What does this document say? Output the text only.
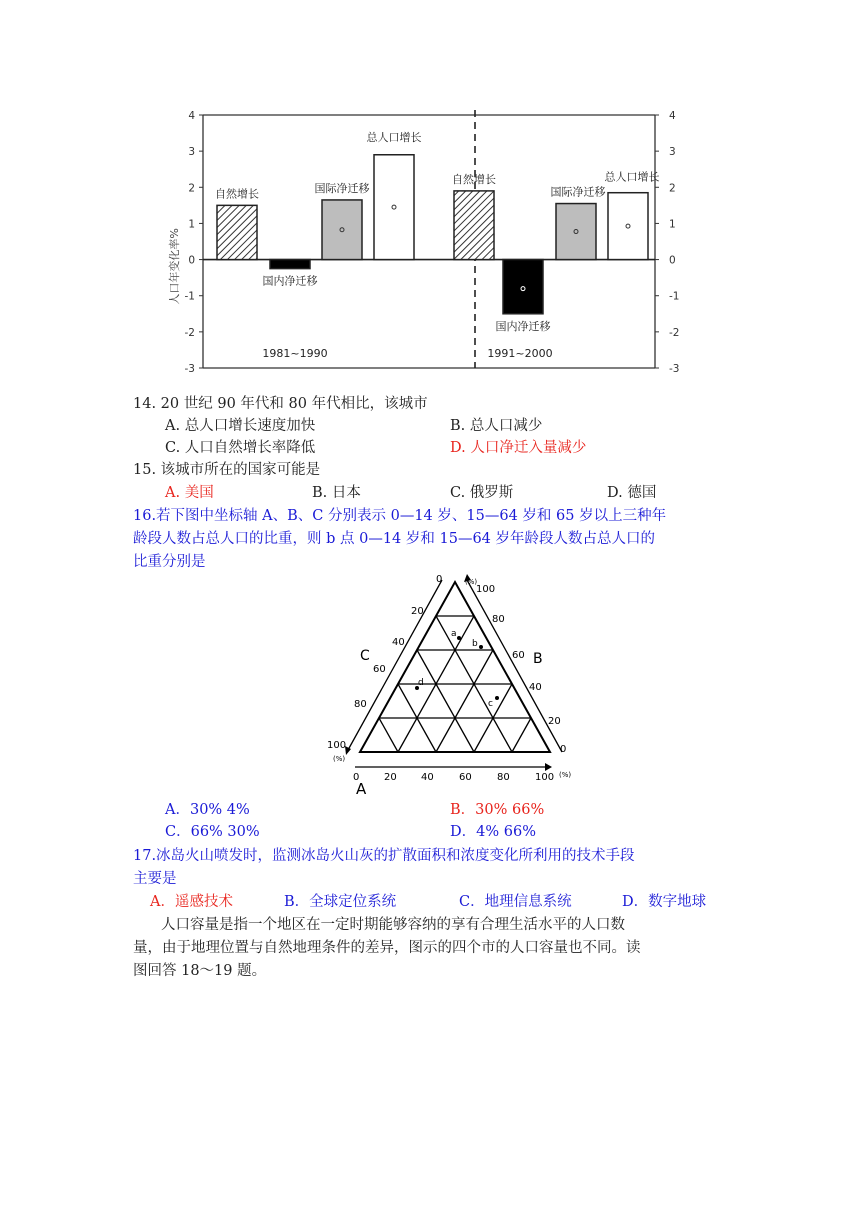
4	4
3	3
2	2
1	1
0	0
-1	-1
-2	-2
-3	-3
人口年变化率%
1981~1990
自然增长
国内净迁移
国际净迁移
总人口增长
1991~2000
自然增长
国内净迁移
国际净迁移
总人口增长
14. 20 世纪 90 年代和 80 年代相比，该城市
A. 总人口增长速度加快	B. 总人口减少
C. 人口自然增长率降低	D. 人口净迁入量减少
15. 该城市所在的国家可能是
A. 美国	B. 日本	C. 俄罗斯	D. 德国
16.若下图中坐标轴 A、B、C 分别表示 0—14 岁、15—64 岁和 65 岁以上三种年
龄段人数占总人口的比重，则 b 点 0—14 岁和 15—64 岁年龄段人数占总人口的
比重分别是
0 20 40	60	80	100 (%)
A
0
20
40
60
80
100
(%)
B
0
20
40
60
80
100
(%)
C
a
b
c
d
A．30% 4%	B．30% 66%
C．66% 30%	D．4% 66%
17.冰岛火山喷发时，监测冰岛火山灰的扩散面积和浓度变化所利用的技术手段
主要是
A．遥感技术	B．全球定位系统	C．地理信息系统	D．数字地球
人口容量是指一个地区在一定时期能够容纳的享有合理生活水平的人口数
量，由于地理位置与自然地理条件的差异，图示的四个市的人口容量也不同。读
图回答 18～19 题。
